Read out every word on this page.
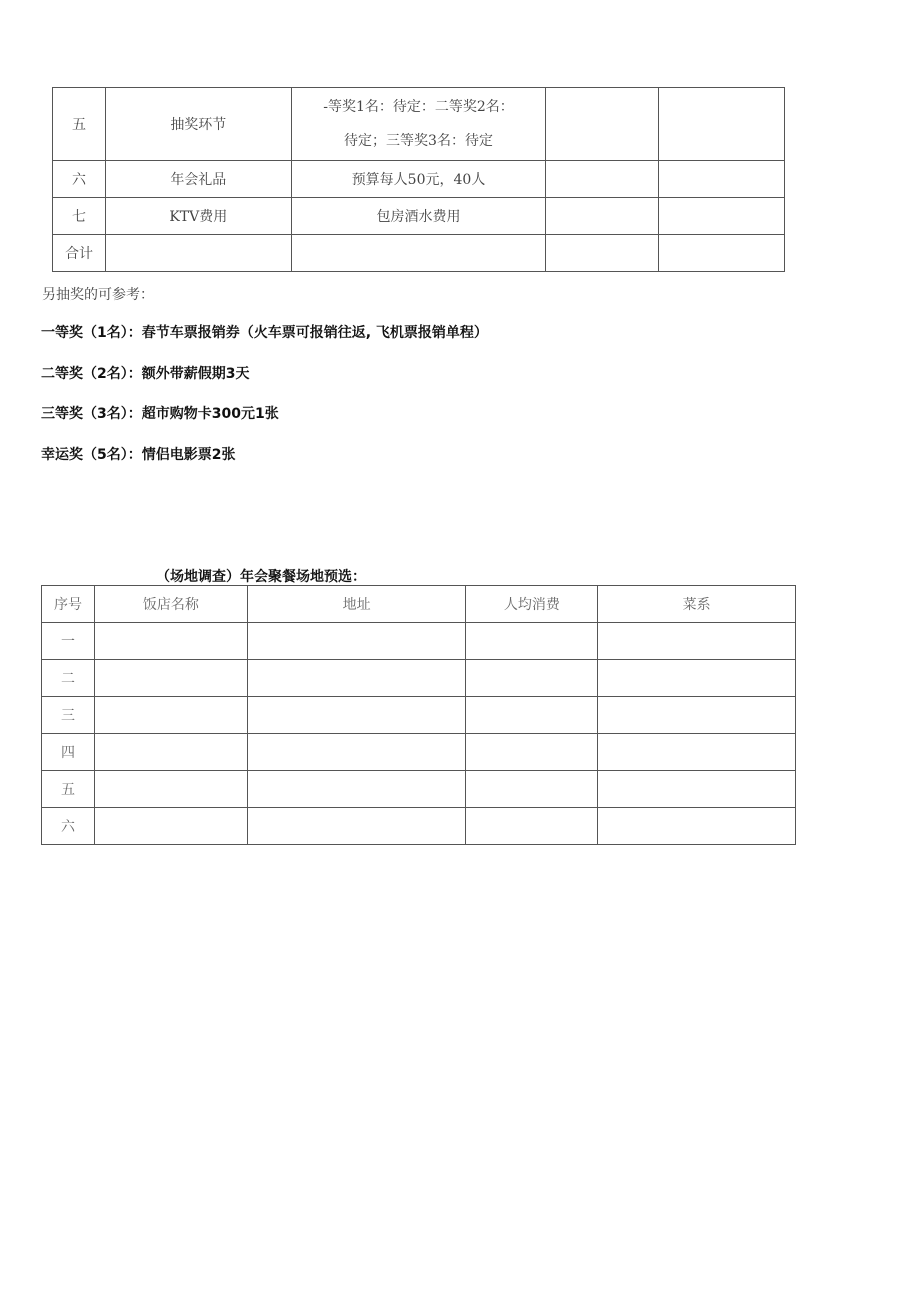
五	抽奖环节	-等奖1名：待定：二等奖2名：
待定；三等奖3名：待定		

六	年会礼品	预算每人50元，40人		
七	KTV费用	包房酒水费用		
合计				
另抽奖的可参考：
一等奖（1名）：春节车票报销券（火车票可报销往返, 飞机票报销单程）
二等奖（2名）：额外带薪假期3天
三等奖（3名）：超市购物卡300元1张
幸运奖（5名）：情侣电影票2张
（场地调查）年会聚餐场地预选：
序号	饭店名称	地址	人均消费	菜系
一				
二				
三				
四				
五				
六				
